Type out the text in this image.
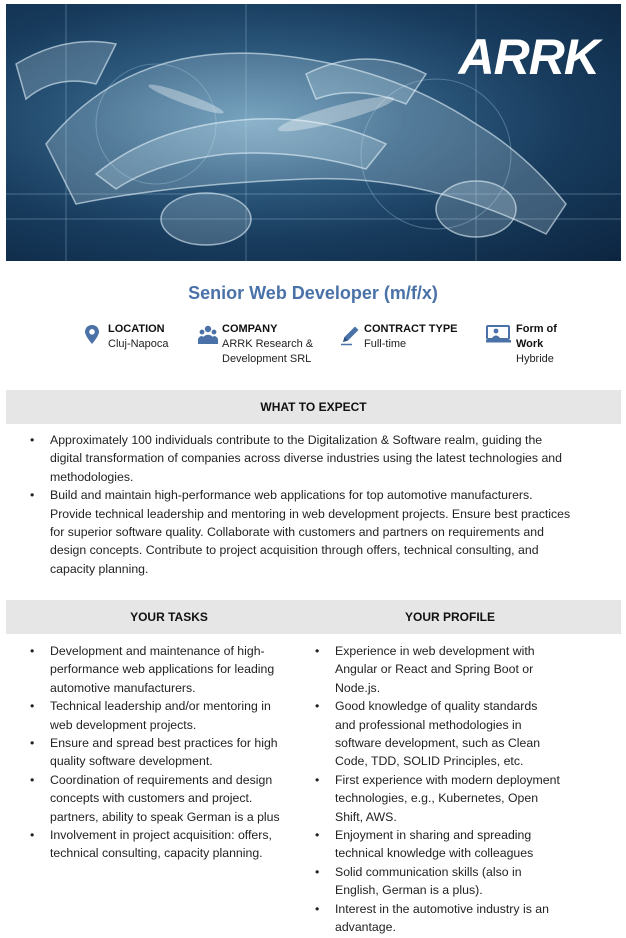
ARRK
Senior Web Developer (m/f/x)
LOCATION
Cluj-Napoca
COMPANY
ARRK Research &
Development SRL
CONTRACT TYPE
Full-time
Form of
Work
Hybride
WHAT TO EXPECT
• Approximately 100 individuals contribute to the Digitalization & Software realm, guiding the
digital transformation of companies across diverse industries using the latest technologies and
methodologies.
• Build and maintain high-performance web applications for top automotive manufacturers.
Provide technical leadership and mentoring in web development projects. Ensure best practices
for superior software quality. Collaborate with customers and partners on requirements and
design concepts. Contribute to project acquisition through offers, technical consulting, and
capacity planning.
YOUR TASKS	YOUR PROFILE
• Development and maintenance of high-
performance web applications for leading
automotive manufacturers.
• Technical leadership and/or mentoring in
web development projects.
• Ensure and spread best practices for high
quality software development.
• Coordination of requirements and design
concepts with customers and project.
partners, ability to speak German is a plus
• Involvement in project acquisition: offers,
technical consulting, capacity planning.
• Experience in web development with
Angular or React and Spring Boot or
Node.js.
• Good knowledge of quality standards
and professional methodologies in
software development, such as Clean
Code, TDD, SOLID Principles, etc.
• First experience with modern deployment
technologies, e.g., Kubernetes, Open
Shift, AWS.
• Enjoyment in sharing and spreading
technical knowledge with colleagues
• Solid communication skills (also in
English, German is a plus).
• Interest in the automotive industry is an
advantage.
